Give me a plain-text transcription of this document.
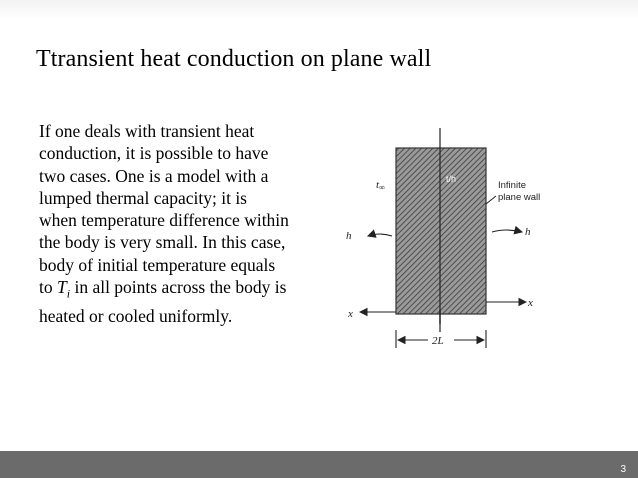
Ttransient heat conduction on plane wall
If one deals with transient heat conduction, it is possible to have two cases. One is a model with a lumped thermal capacity; it is when temperature difference within the body is very small. In this case, body of initial temperature equals to $T_i$ in all points across the body is heated or cooled uniformly.
t∞
t/h
Infinite
plane wall
h	h
x
x
2L
3
